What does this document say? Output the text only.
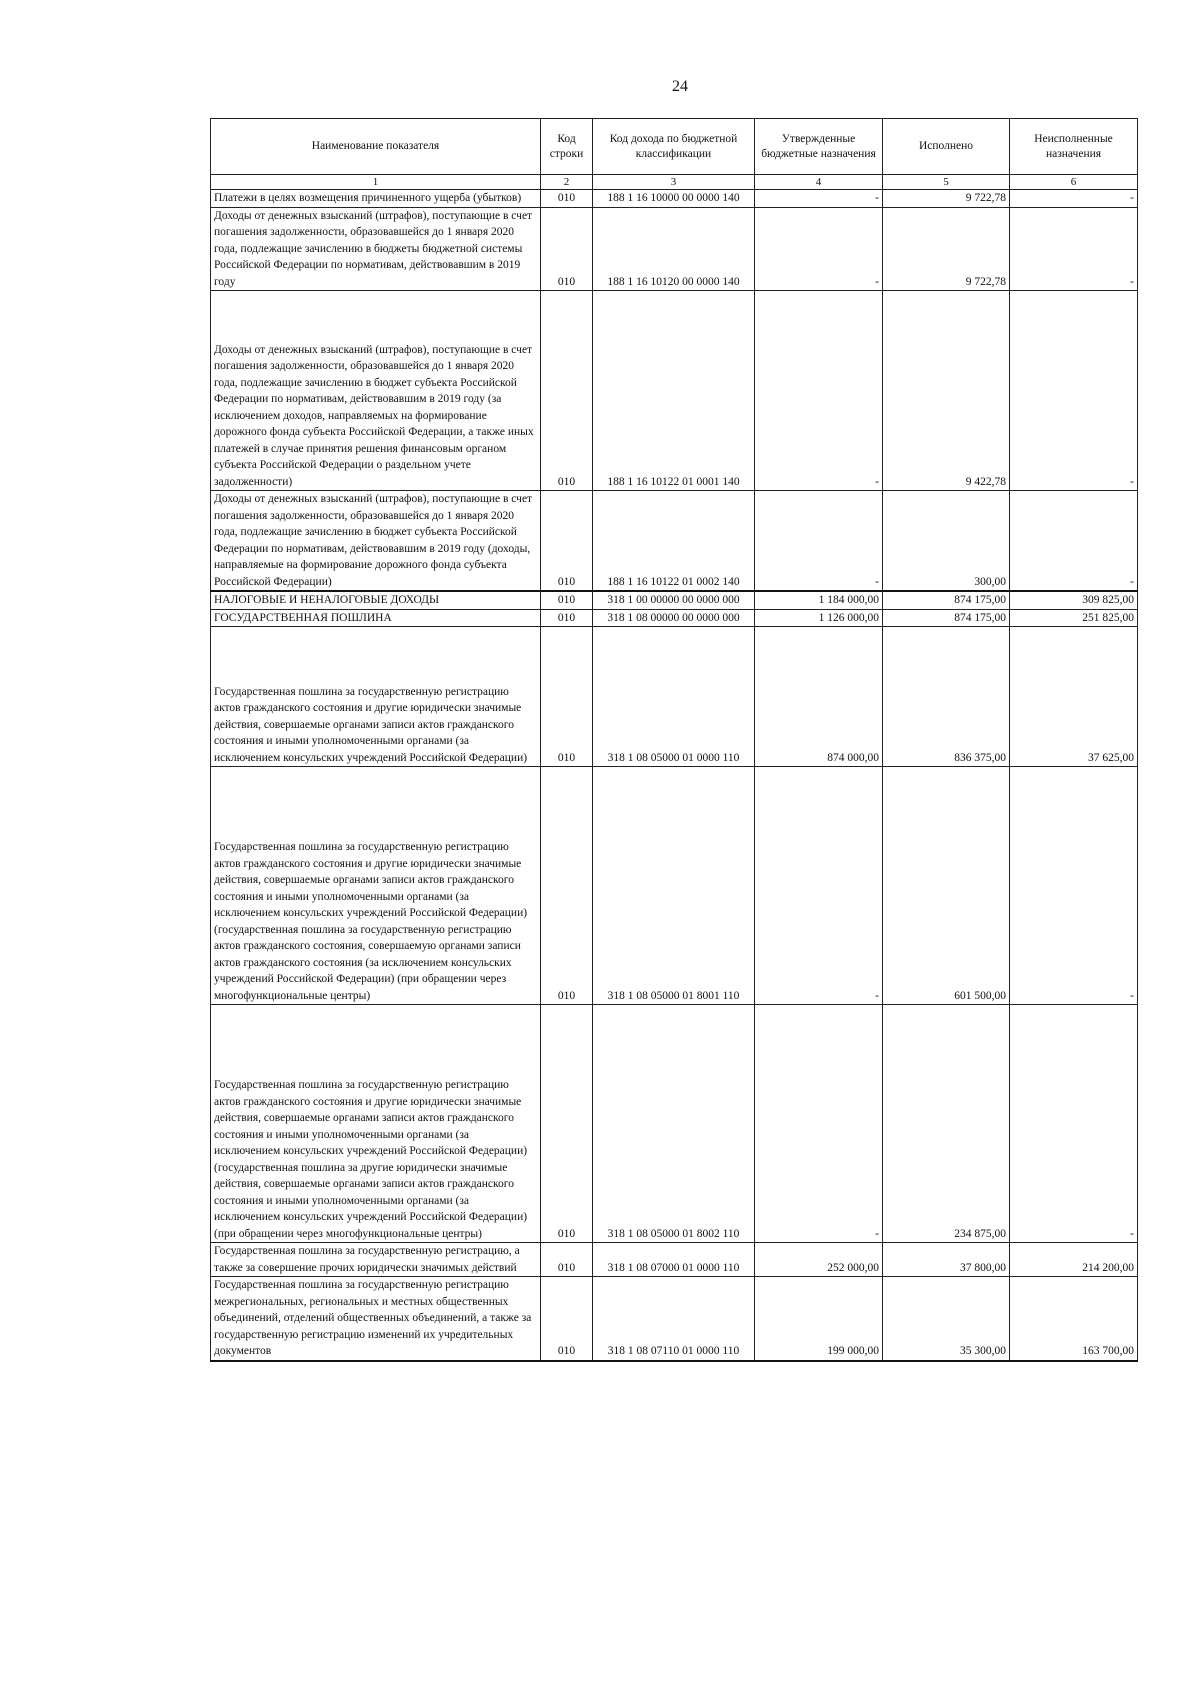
24
Наименование показателя	Код строки	Код дохода по бюджетной классификации	Утвержденные бюджетные назначения	Исполнено	Неисполненные назначения
1	2	3	4	5	6
Платежи в целях возмещения причиненного ущерба (убытков)	010	188 1 16 10000 00 0000 140	-	9 722,78	-
Доходы от денежных взысканий (штрафов), поступающие в счет погашения задолженности, образовавшейся до 1 января 2020 года, подлежащие зачислению в бюджеты бюджетной системы Российской Федерации по нормативам, действовавшим в 2019 году	010	188 1 16 10120 00 0000 140	-	9 722,78	-
Доходы от денежных взысканий (штрафов), поступающие в счет погашения задолженности, образовавшейся до 1 января 2020 года, подлежащие зачислению в бюджет субъекта Российской Федерации по нормативам, действовавшим в 2019 году (за исключением доходов, направляемых на формирование дорожного фонда субъекта Российской Федерации, а также иных платежей в случае принятия решения финансовым органом субъекта Российской Федерации о раздельном учете задолженности)	010	188 1 16 10122 01 0001 140	-	9 422,78	-
Доходы от денежных взысканий (штрафов), поступающие в счет погашения задолженности, образовавшейся до 1 января 2020 года, подлежащие зачислению в бюджет субъекта Российской Федерации по нормативам, действовавшим в 2019 году (доходы, направляемые на формирование дорожного фонда субъекта Российской Федерации)	010	188 1 16 10122 01 0002 140	-	300,00	-
НАЛОГОВЫЕ И НЕНАЛОГОВЫЕ ДОХОДЫ	010	318 1 00 00000 00 0000 000	1 184 000,00	874 175,00	309 825,00
ГОСУДАРСТВЕННАЯ ПОШЛИНА	010	318 1 08 00000 00 0000 000	1 126 000,00	874 175,00	251 825,00
Государственная пошлина за государственную регистрацию актов гражданского состояния и другие юридически значимые действия, совершаемые органами записи актов гражданского состояния и иными уполномоченными органами (за исключением консульских учреждений Российской Федерации)	010	318 1 08 05000 01 0000 110	874 000,00	836 375,00	37 625,00
Государственная пошлина за государственную регистрацию актов гражданского состояния и другие юридически значимые действия, совершаемые органами записи актов гражданского состояния и иными уполномоченными органами (за исключением консульских учреждений Российской Федерации) (государственная пошлина за государственную регистрацию актов гражданского состояния, совершаемую органами записи актов гражданского состояния (за исключением консульских учреждений Российской Федерации) (при обращении через многофункциональные центры)	010	318 1 08 05000 01 8001 110	-	601 500,00	-
Государственная пошлина за государственную регистрацию актов гражданского состояния и другие юридически значимые действия, совершаемые органами записи актов гражданского состояния и иными уполномоченными органами (за исключением консульских учреждений Российской Федерации) (государственная пошлина за другие юридически значимые действия, совершаемые органами записи актов гражданского состояния и иными уполномоченными органами (за исключением консульских учреждений Российской Федерации) (при обращении через многофункциональные центры)	010	318 1 08 05000 01 8002 110	-	234 875,00	-
Государственная пошлина за государственную регистрацию, а также за совершение прочих юридически значимых действий	010	318 1 08 07000 01 0000 110	252 000,00	37 800,00	214 200,00
Государственная пошлина за государственную регистрацию межрегиональных, региональных и местных общественных объединений, отделений общественных объединений, а также за государственную регистрацию изменений их учредительных документов	010	318 1 08 07110 01 0000 110	199 000,00	35 300,00	163 700,00
